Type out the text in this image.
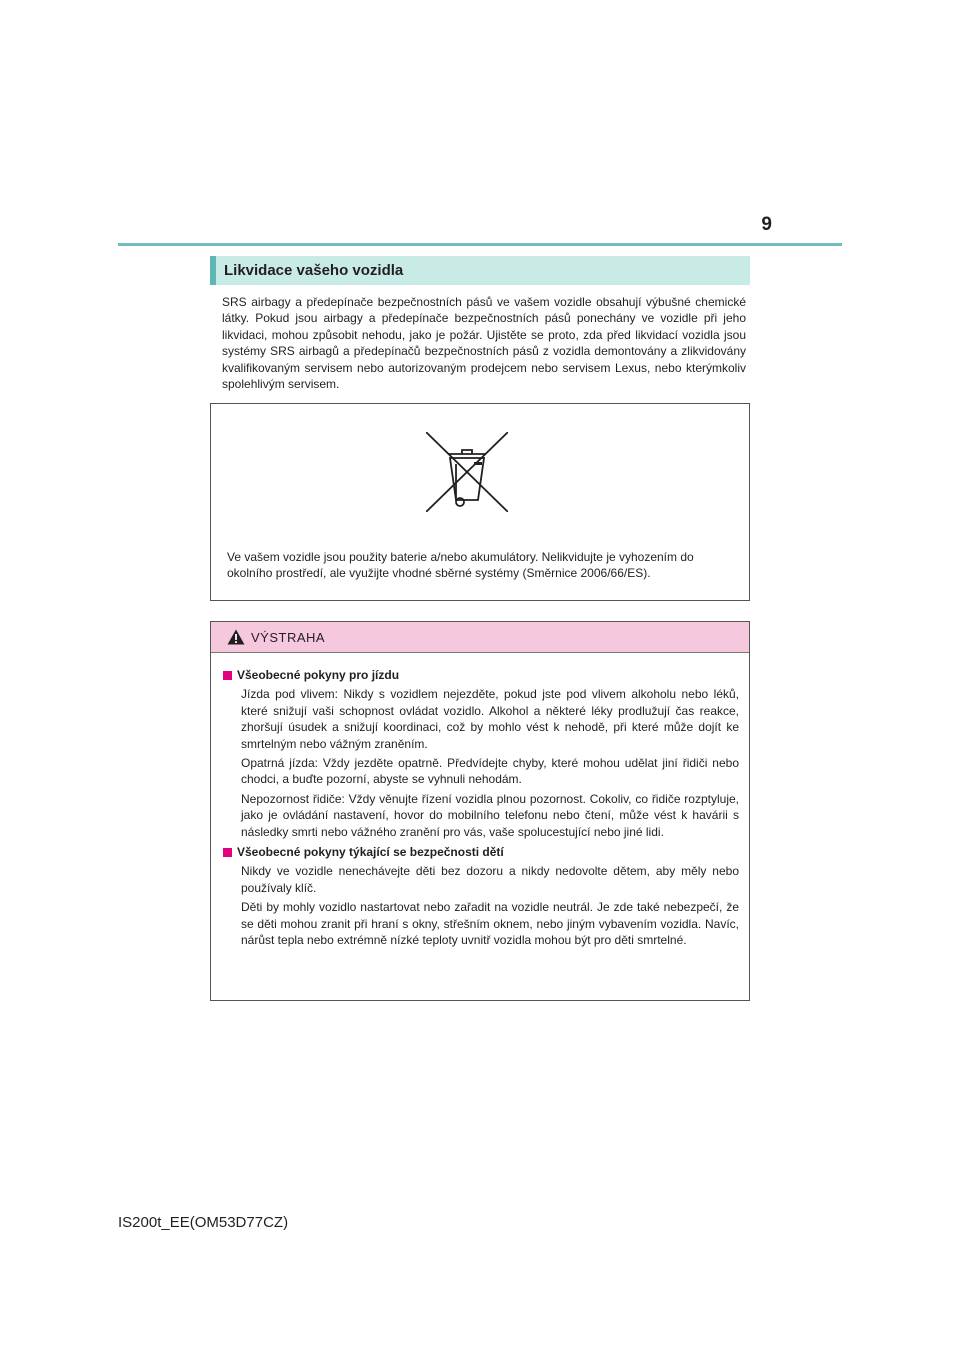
9
Likvidace vašeho vozidla

SRS airbagy a předepínače bezpečnostních pásů ve vašem vozidle obsahují výbušné chemické látky. Pokud jsou airbagy a předepínače bezpečnostních pásů ponechány ve vozidle při jeho likvidaci, mohou způsobit nehodu, jako je požár. Ujistěte se proto, zda před likvidací vozidla jsou systémy SRS airbagů a předepínačů bezpečnostních pásů z vozidla demontovány a zlikvidovány kvalifikovaným servisem nebo autorizovaným prodejcem nebo servisem Lexus, nebo kterýmkoliv spolehlivým servisem.

Ve vašem vozidle jsou použity baterie a/nebo akumulátory. Nelikvidujte je vyhozením do okolního prostředí, ale využijte vhodné sběrné systémy (Směrnice 2006/66/ES).

VÝSTRAHA
Všeobecné pokyny pro jízdu

Jízda pod vlivem: Nikdy s vozidlem nejezděte, pokud jste pod vlivem alkoholu nebo léků, které snižují vaši schopnost ovládat vozidlo. Alkohol a některé léky prodlužují čas reakce, zhoršují úsudek a snižují koordinaci, což by mohlo vést k nehodě, při které může dojít ke smrtelným nebo vážným zraněním.

Opatrná jízda: Vždy jezděte opatrně. Předvídejte chyby, které mohou udělat jiní řidiči nebo chodci, a buďte pozorní, abyste se vyhnuli nehodám.

Nepozornost řidiče: Vždy věnujte řízení vozidla plnou pozornost. Cokoliv, co řidiče rozptyluje, jako je ovládání nastavení, hovor do mobilního telefonu nebo čtení, může vést k havárii s následky smrti nebo vážného zranění pro vás, vaše spolucestující nebo jiné lidi.

Všeobecné pokyny týkající se bezpečnosti dětí

Nikdy ve vozidle nenechávejte děti bez dozoru a nikdy nedovolte dětem, aby měly nebo používaly klíč.

Děti by mohly vozidlo nastartovat nebo zařadit na vozidle neutrál. Je zde také nebezpečí, že se děti mohou zranit při hraní s okny, střešním oknem, nebo jiným vybavením vozidla. Navíc, nárůst tepla nebo extrémně nízké teploty uvnitř vozidla mohou být pro děti smrtelné.

IS200t_EE(OM53D77CZ)
